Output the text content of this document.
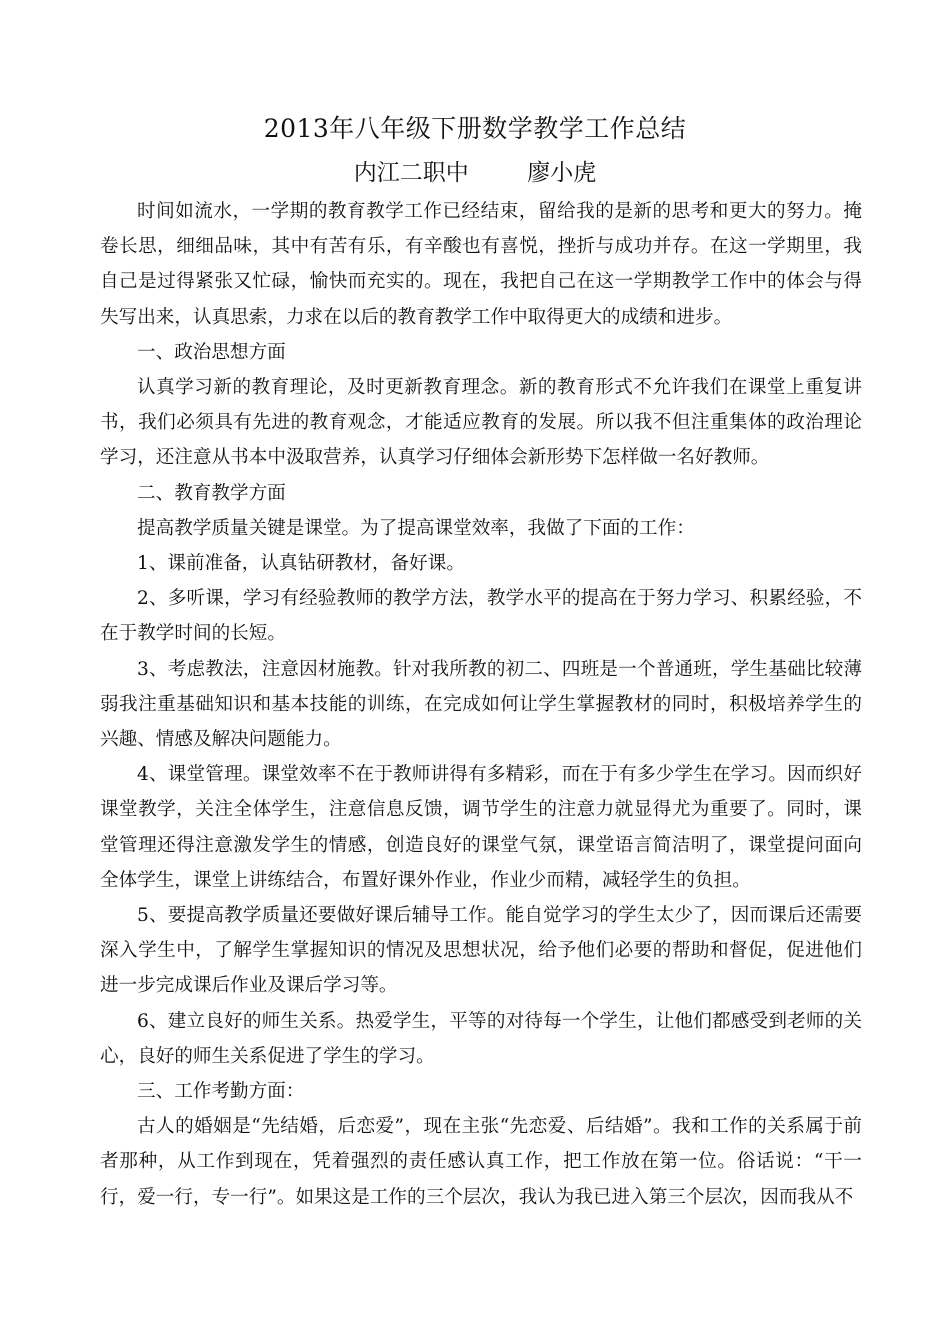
2013年八年级下册数学教学工作总结
内江二职中        廖小虎

时间如流水，一学期的教育教学工作已经结束，留给我的是新的思考和更大的努力。掩卷长思，细细品味，其中有苦有乐，有辛酸也有喜悦，挫折与成功并存。在这一学期里，我自己是过得紧张又忙碌，愉快而充实的。现在，我把自己在这一学期教学工作中的体会与得失写出来，认真思索，力求在以后的教育教学工作中取得更大的成绩和进步。

一、政治思想方面

认真学习新的教育理论，及时更新教育理念。新的教育形式不允许我们在课堂上重复讲书，我们必须具有先进的教育观念，才能适应教育的发展。所以我不但注重集体的政治理论学习，还注意从书本中汲取营养，认真学习仔细体会新形势下怎样做一名好教师。

二、教育教学方面

提高教学质量关键是课堂。为了提高课堂效率，我做了下面的工作：

1、课前准备，认真钻研教材，备好课。

2、多听课，学习有经验教师的教学方法，教学水平的提高在于努力学习、积累经验，不在于教学时间的长短。

3、考虑教法，注意因材施教。针对我所教的初二、四班是一个普通班，学生基础比较薄弱我注重基础知识和基本技能的训练，在完成如何让学生掌握教材的同时，积极培养学生的兴趣、情感及解决问题能力。

4、课堂管理。课堂效率不在于教师讲得有多精彩，而在于有多少学生在学习。因而织好课堂教学，关注全体学生，注意信息反馈，调节学生的注意力就显得尤为重要了。同时，课堂管理还得注意激发学生的情感，创造良好的课堂气氛，课堂语言简洁明了，课堂提问面向全体学生，课堂上讲练结合，布置好课外作业，作业少而精，减轻学生的负担。

5、要提高教学质量还要做好课后辅导工作。能自觉学习的学生太少了，因而课后还需要深入学生中，了解学生掌握知识的情况及思想状况，给予他们必要的帮助和督促，促进他们进一步完成课后作业及课后学习等。

6、建立良好的师生关系。热爱学生，平等的对待每一个学生，让他们都感受到老师的关心，良好的师生关系促进了学生的学习。

三、工作考勤方面：

古人的婚姻是“先结婚，后恋爱”，现在主张“先恋爱、后结婚”。我和工作的关系属于前者那种，从工作到现在，凭着强烈的责任感认真工作，把工作放在第一位。俗话说：“干一行，爱一行，专一行”。如果这是工作的三个层次，我认为我已进入第三个层次，因而我从不
